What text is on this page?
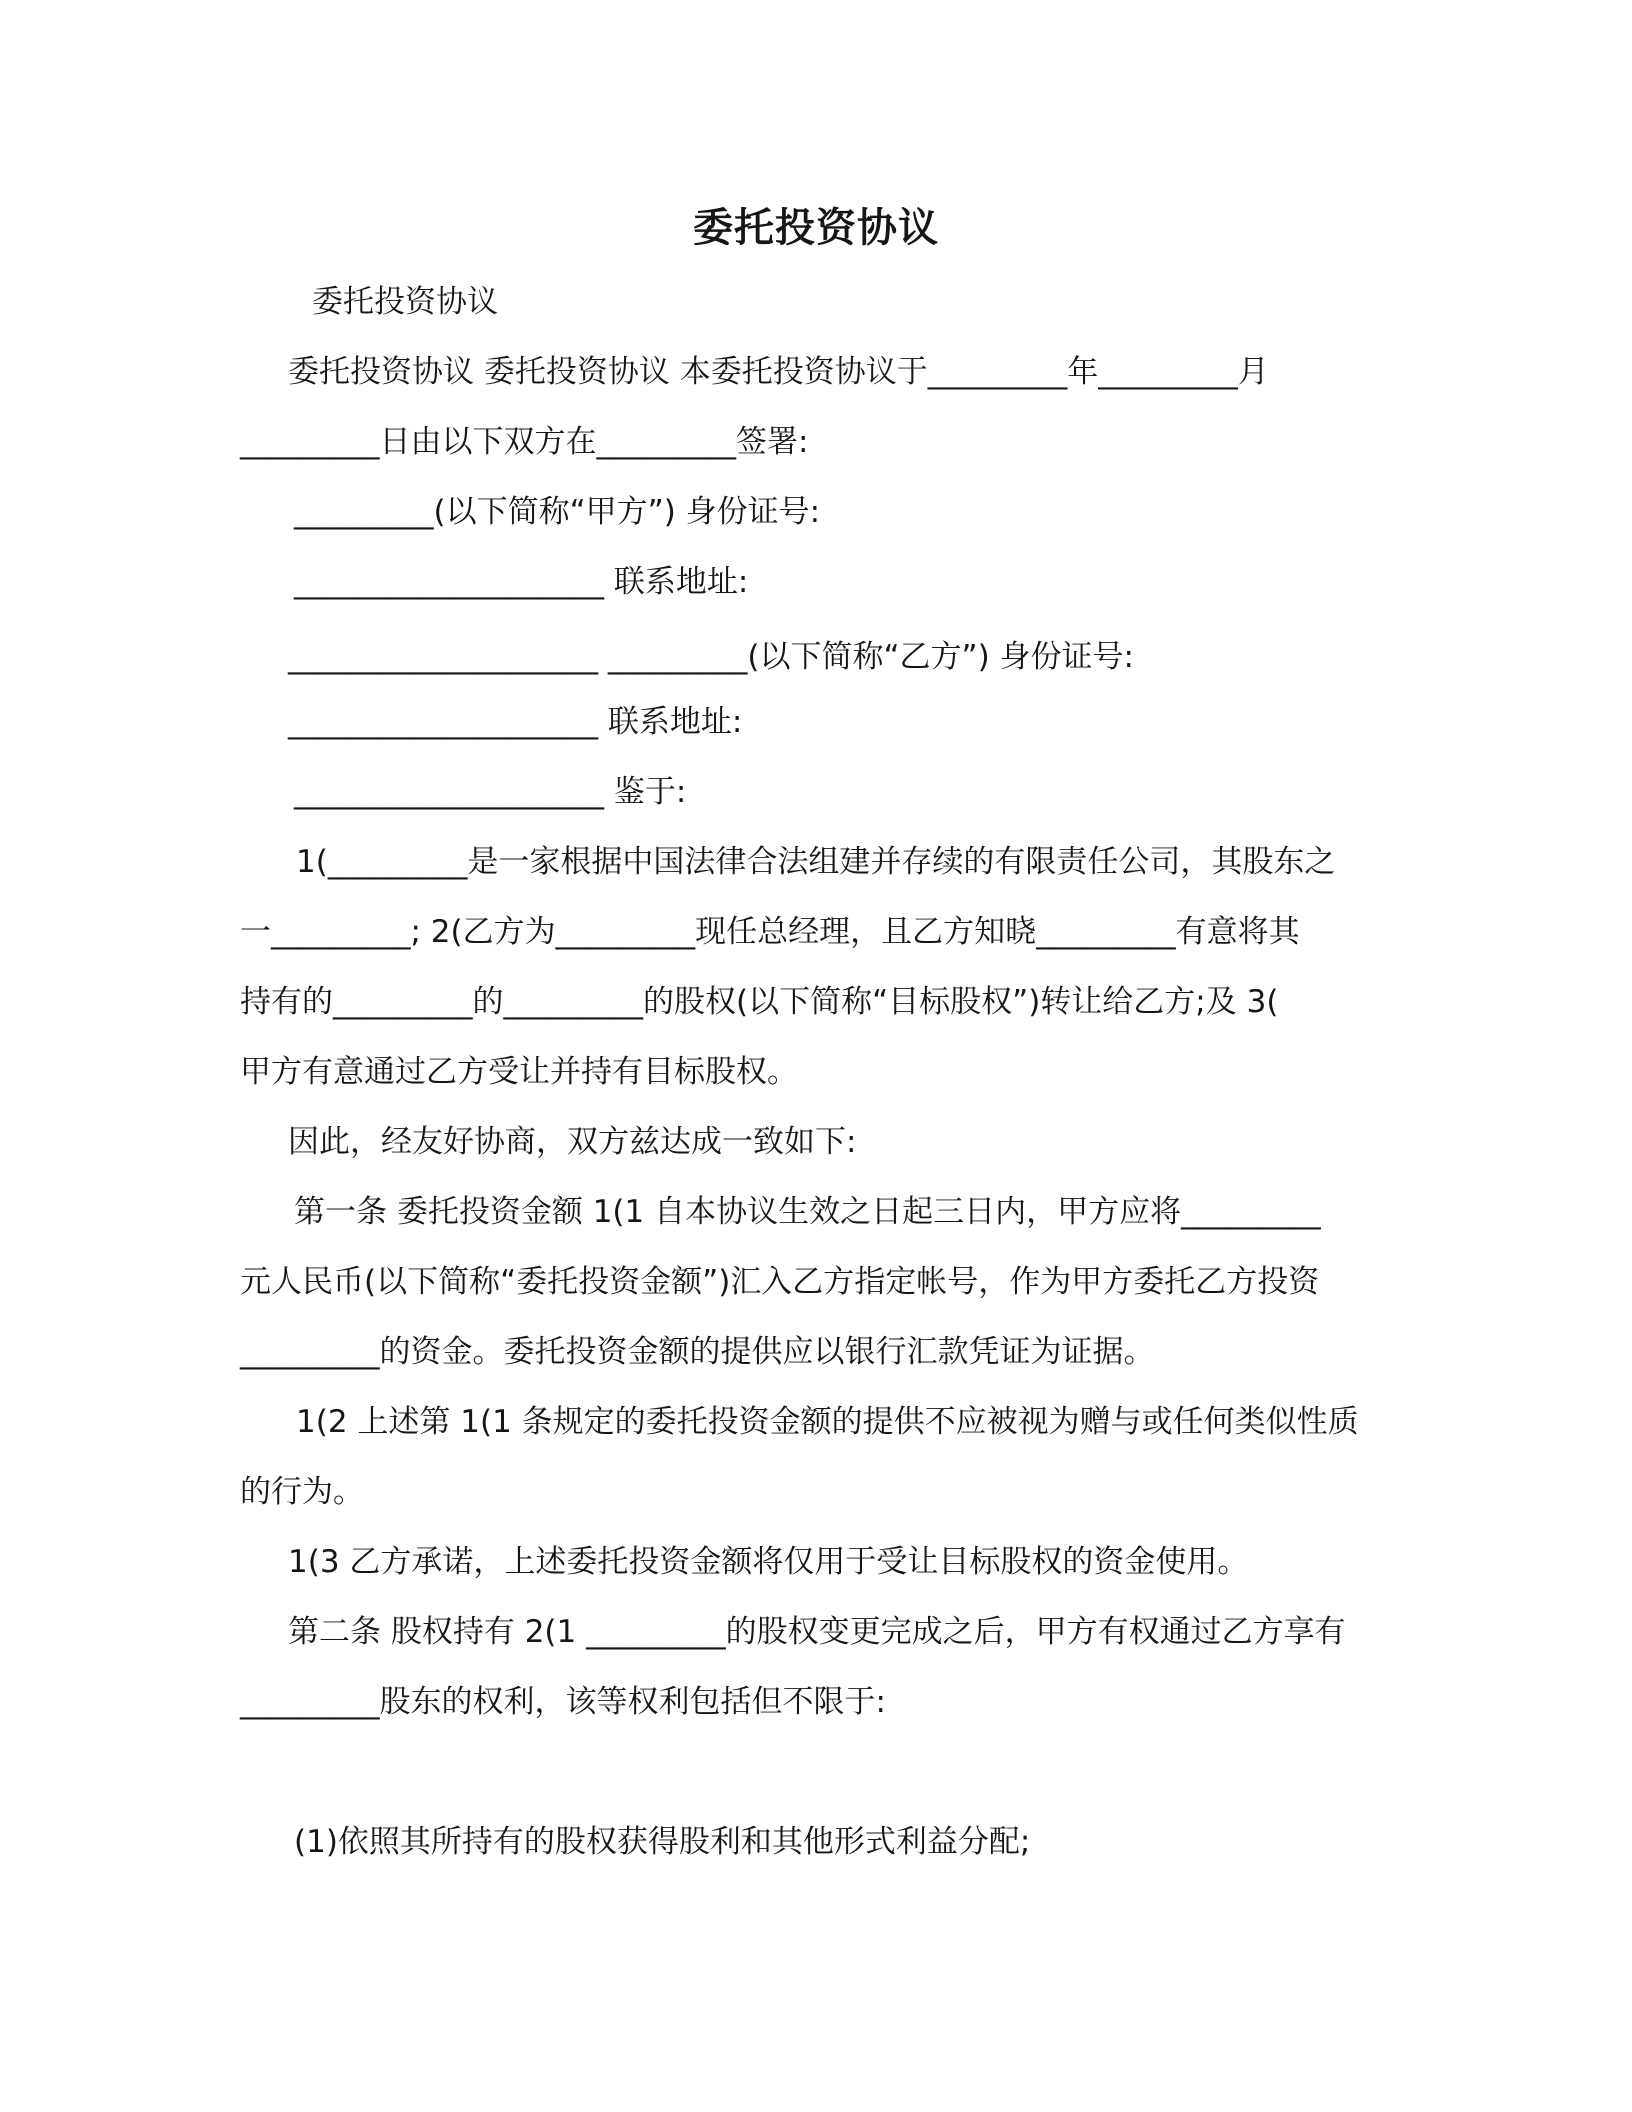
委托投资协议
委托投资协议
委托投资协议 委托投资协议 本委托投资协议于_________年_________月
_________日由以下双方在_________签署:
_________(以下简称“甲方”) 身份证号:
____________________ 联系地址:
____________________ _________(以下简称“乙方”) 身份证号:
____________________ 联系地址:
____________________ 鉴于:
1(_________是一家根据中国法律合法组建并存续的有限责任公司，其股东之
一_________; 2(乙方为_________现任总经理，且乙方知晓_________有意将其
持有的_________的_________的股权(以下简称“目标股权”)转让给乙方;及 3(
甲方有意通过乙方受让并持有目标股权。
因此，经友好协商，双方兹达成一致如下:
第一条 委托投资金额 1(1 自本协议生效之日起三日内，甲方应将_________
元人民币(以下简称“委托投资金额”)汇入乙方指定帐号，作为甲方委托乙方投资
_________的资金。委托投资金额的提供应以银行汇款凭证为证据。
1(2 上述第 1(1 条规定的委托投资金额的提供不应被视为赠与或任何类似性质
的行为。
1(3 乙方承诺，上述委托投资金额将仅用于受让目标股权的资金使用。
第二条 股权持有 2(1 _________的股权变更完成之后，甲方有权通过乙方享有
_________股东的权利，该等权利包括但不限于:
(1)依照其所持有的股权获得股利和其他形式利益分配;
